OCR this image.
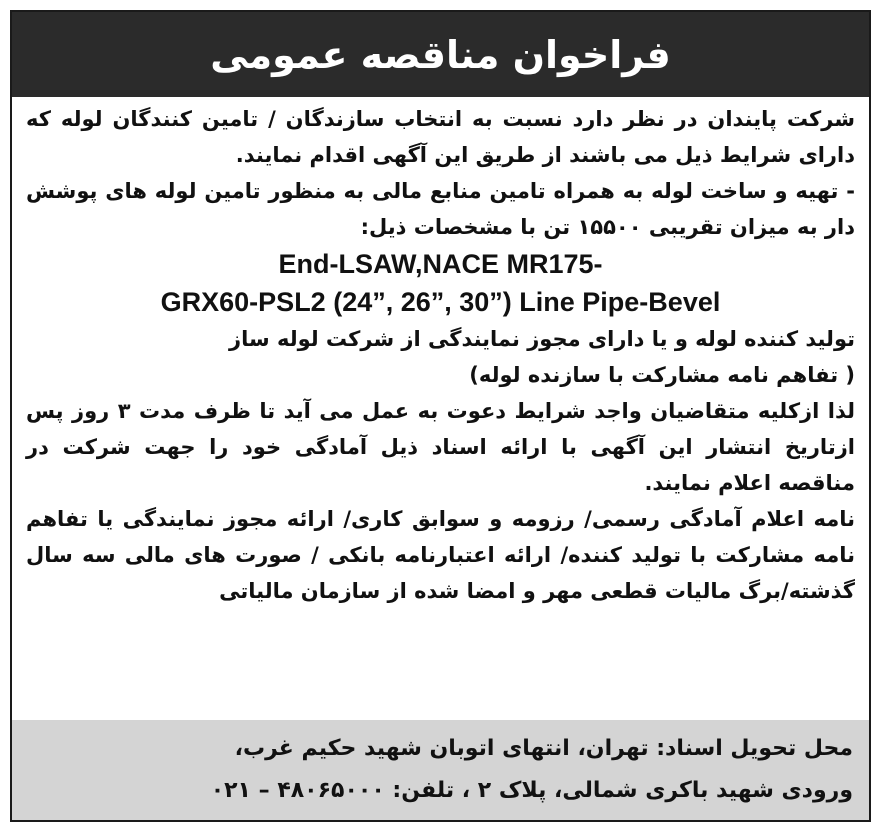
فراخوان مناقصه عمومی

شرکت پایندان در نظر دارد نسبت به انتخاب سازندگان / تامین کنندگان لوله که دارای شرایط ذیل می باشند از طریق این آگهی اقدام نمایند.

- تهیه و ساخت لوله به همراه تامین منابع مالی به منظور تامین لوله های پوشش دار به میزان تقریبی ۱۵۵۰۰ تن با مشخصات ذیل:

End-LSAW,NACE MR175-

GRX60-PSL2 (24”, 26”, 30”) Line Pipe-Bevel

تولید کننده لوله و یا دارای مجوز نمایندگی از شرکت لوله ساز

( تفاهم نامه مشارکت با سازنده لوله)

لذا ازکلیه متقاضیان واجد شرایط دعوت به عمل می آید تا ظرف مدت ۳ روز پس ازتاریخ انتشار این آگهی با ارائه اسناد ذیل آمادگی خود را جهت شرکت در مناقصه اعلام نمایند.

نامه اعلام آمادگی رسمی/ رزومه و سوابق کاری/ ارائه مجوز نمایندگی یا تفاهم نامه مشارکت با تولید کننده/ ارائه اعتبارنامه بانکی / صورت های مالی سه سال گذشته/برگ مالیات قطعی مهر و امضا شده از سازمان مالیاتی

محل تحویل اسناد: تهران، انتهای اتوبان شهید حکیم غرب،
ورودی شهید باکری شمالی، پلاک ۲ ، تلفن: ۴۸۰۶۵۰۰۰ – ۰۲۱
